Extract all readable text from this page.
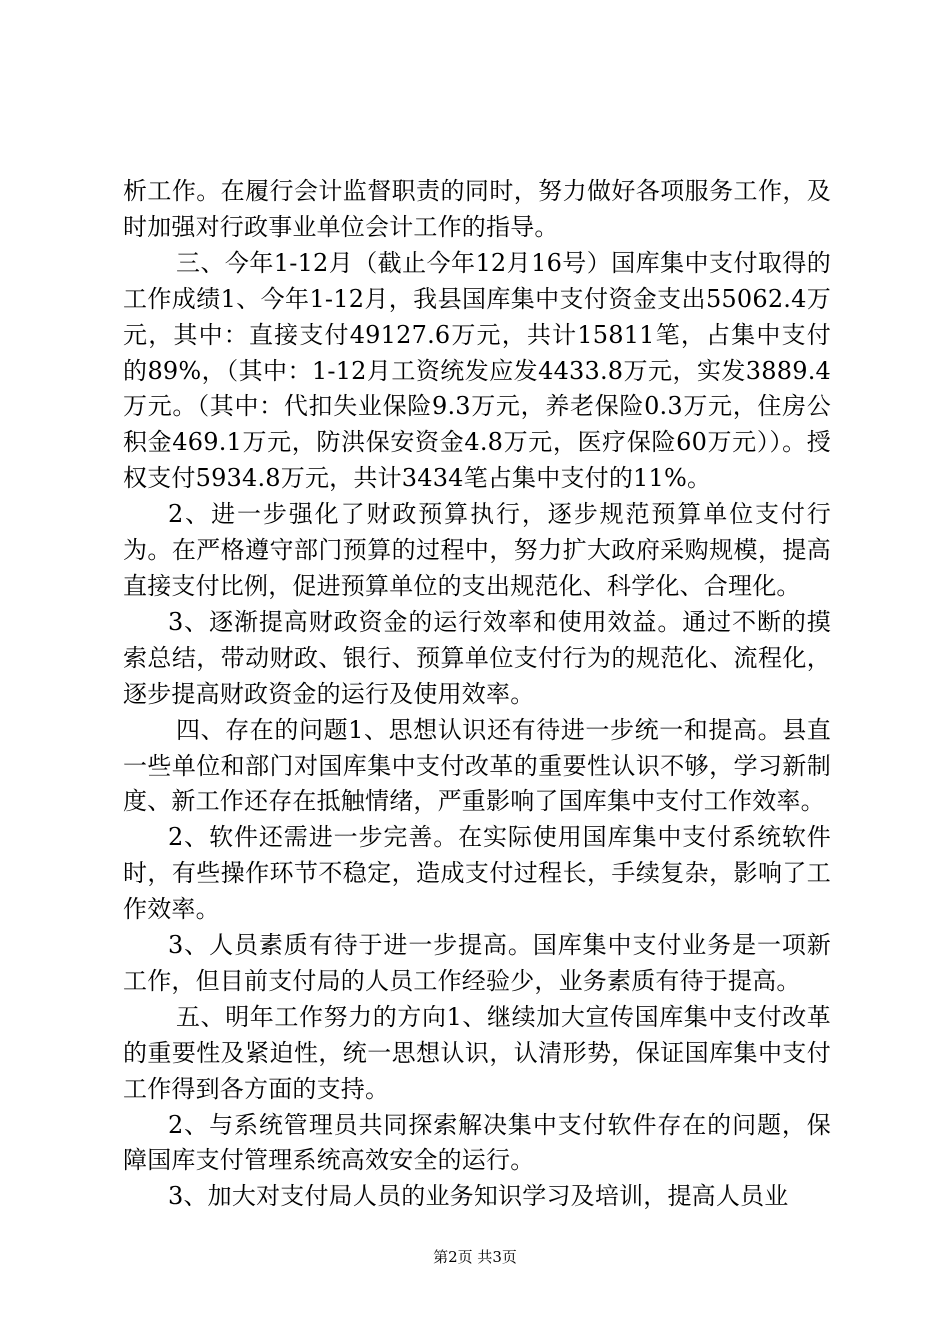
析工作。在履行会计监督职责的同时，努力做好各项服务工作，及时加强对行政事业单位会计工作的指导。

三、今年1-12月（截止今年12月16号）国库集中支付取得的工作成绩1、今年1-12月，我县国库集中支付资金支出55062.4万元，其中：直接支付49127.6万元，共计15811笔，占集中支付的89%，（其中：1-12月工资统发应发4433.8万元，实发3889.4万元。（其中：代扣失业保险9.3万元，养老保险0.3万元，住房公积金469.1万元，防洪保安资金4.8万元，医疗保险60万元））。授权支付5934.8万元，共计3434笔占集中支付的11%。

2、进一步强化了财政预算执行，逐步规范预算单位支付行为。在严格遵守部门预算的过程中，努力扩大政府采购规模，提高直接支付比例，促进预算单位的支出规范化、科学化、合理化。

3、逐渐提高财政资金的运行效率和使用效益。通过不断的摸索总结，带动财政、银行、预算单位支付行为的规范化、流程化，逐步提高财政资金的运行及使用效率。

四、存在的问题1、思想认识还有待进一步统一和提高。县直一些单位和部门对国库集中支付改革的重要性认识不够，学习新制度、新工作还存在抵触情绪，严重影响了国库集中支付工作效率。

2、软件还需进一步完善。在实际使用国库集中支付系统软件时，有些操作环节不稳定，造成支付过程长，手续复杂，影响了工作效率。

3、人员素质有待于进一步提高。国库集中支付业务是一项新工作，但目前支付局的人员工作经验少，业务素质有待于提高。

五、明年工作努力的方向1、继续加大宣传国库集中支付改革的重要性及紧迫性，统一思想认识，认清形势，保证国库集中支付工作得到各方面的支持。

2、与系统管理员共同探索解决集中支付软件存在的问题，保障国库支付管理系统高效安全的运行。

3、加大对支付局人员的业务知识学习及培训，提高人员业

第2页 共3页
